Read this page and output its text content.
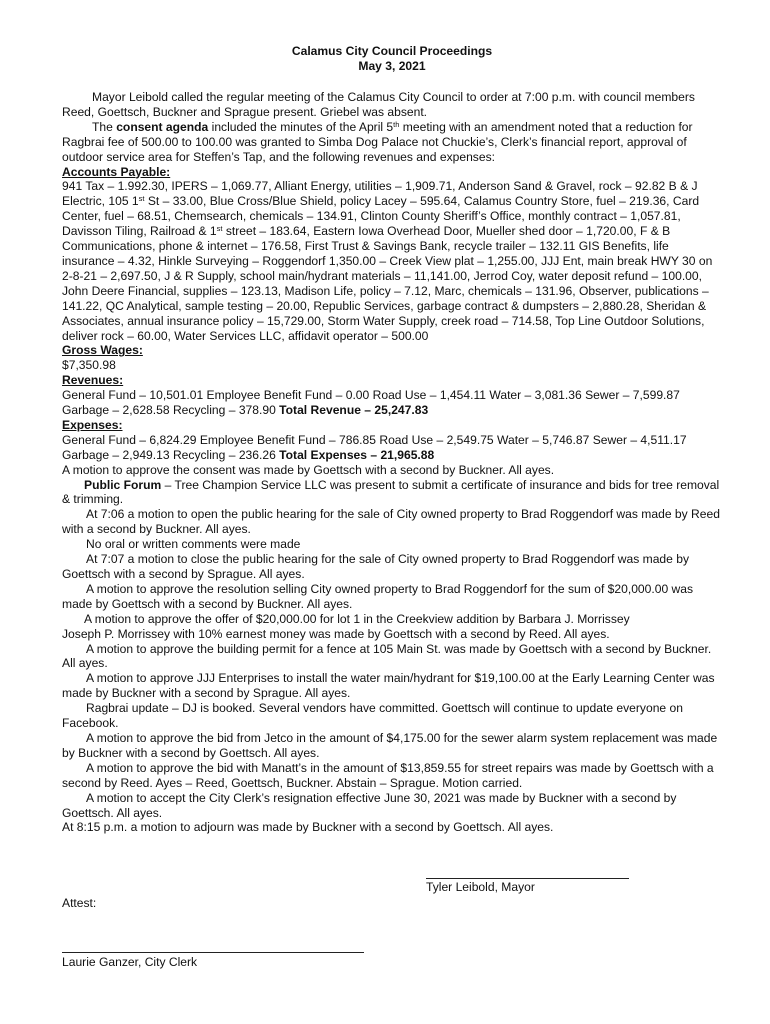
Calamus City Council Proceedings
May 3, 2021

Mayor Leibold called the regular meeting of the Calamus City Council to order at 7:00 p.m. with council members Reed, Goettsch, Buckner and Sprague present. Griebel was absent.

The consent agenda included the minutes of the April 5th meeting with an amendment noted that a reduction for Ragbrai fee of 500.00 to 100.00 was granted to Simba Dog Palace not Chuckie’s, Clerk’s financial report, approval of outdoor service area for Steffen’s Tap, and the following revenues and expenses:

Accounts Payable:

941 Tax – 1.992.30, IPERS – 1,069.77, Alliant Energy, utilities – 1,909.71, Anderson Sand & Gravel, rock – 92.82 B & J Electric, 105 1st St – 33.00, Blue Cross/Blue Shield, policy Lacey – 595.64, Calamus Country Store, fuel – 219.36, Card Center, fuel – 68.51, Chemsearch, chemicals – 134.91, Clinton County Sheriff’s Office, monthly contract – 1,057.81, Davisson Tiling, Railroad & 1st street – 183.64, Eastern Iowa Overhead Door, Mueller shed door – 1,720.00, F & B Communications, phone & internet – 176.58, First Trust & Savings Bank, recycle trailer – 132.11 GIS Benefits, life insurance – 4.32, Hinkle Surveying – Roggendorf 1,350.00 – Creek View plat – 1,255.00, JJJ Ent, main break HWY 30 on 2-8-21 – 2,697.50, J & R Supply, school main/hydrant materials – 11,141.00, Jerrod Coy, water deposit refund – 100.00, John Deere Financial, supplies – 123.13, Madison Life, policy – 7.12, Marc, chemicals – 131.96, Observer, publications – 141.22, QC Analytical, sample testing – 20.00, Republic Services, garbage contract & dumpsters – 2,880.28, Sheridan & Associates, annual insurance policy – 15,729.00, Storm Water Supply, creek road – 714.58, Top Line Outdoor Solutions, deliver rock – 60.00, Water Services LLC, affidavit operator – 500.00

Gross Wages:

$7,350.98

Revenues:

General Fund – 10,501.01 Employee Benefit Fund – 0.00 Road Use – 1,454.11 Water – 3,081.36 Sewer – 7,599.87 Garbage – 2,628.58 Recycling – 378.90 Total Revenue – 25,247.83

Expenses:

General Fund – 6,824.29 Employee Benefit Fund – 786.85 Road Use – 2,549.75 Water – 5,746.87 Sewer – 4,511.17 Garbage – 2,949.13 Recycling – 236.26 Total Expenses – 21,965.88

A motion to approve the consent was made by Goettsch with a second by Buckner. All ayes.

Public Forum – Tree Champion Service LLC was present to submit a certificate of insurance and bids for tree removal & trimming.

At 7:06 a motion to open the public hearing for the sale of City owned property to Brad Roggendorf was made by Reed with a second by Buckner. All ayes.

No oral or written comments were made

At 7:07 a motion to close the public hearing for the sale of City owned property to Brad Roggendorf was made by Goettsch with a second by Sprague. All ayes.

A motion to approve the resolution selling City owned property to Brad Roggendorf for the sum of $20,000.00 was made by Goettsch with a second by Buckner. All ayes.

A motion to approve the offer of $20,000.00 for lot 1 in the Creekview addition by Barbara J. Morrissey

Joseph P. Morrissey with 10% earnest money was made by Goettsch with a second by Reed. All ayes.

A motion to approve the building permit for a fence at 105 Main St. was made by Goettsch with a second by Buckner. All ayes.

A motion to approve JJJ Enterprises to install the water main/hydrant for $19,100.00 at the Early Learning Center was made by Buckner with a second by Sprague. All ayes.

Ragbrai update – DJ is booked. Several vendors have committed. Goettsch will continue to update everyone on Facebook.

A motion to approve the bid from Jetco in the amount of $4,175.00 for the sewer alarm system replacement was made by Buckner with a second by Goettsch. All ayes.

A motion to approve the bid with Manatt’s in the amount of $13,859.55 for street repairs was made by Goettsch with a second by Reed. Ayes – Reed, Goettsch, Buckner. Abstain – Sprague. Motion carried.

A motion to accept the City Clerk’s resignation effective June 30, 2021 was made by Buckner with a second by Goettsch. All ayes.

At 8:15 p.m. a motion to adjourn was made by Buckner with a second by Goettsch. All ayes.

Tyler Leibold, Mayor
Attest:
Laurie Ganzer, City Clerk
